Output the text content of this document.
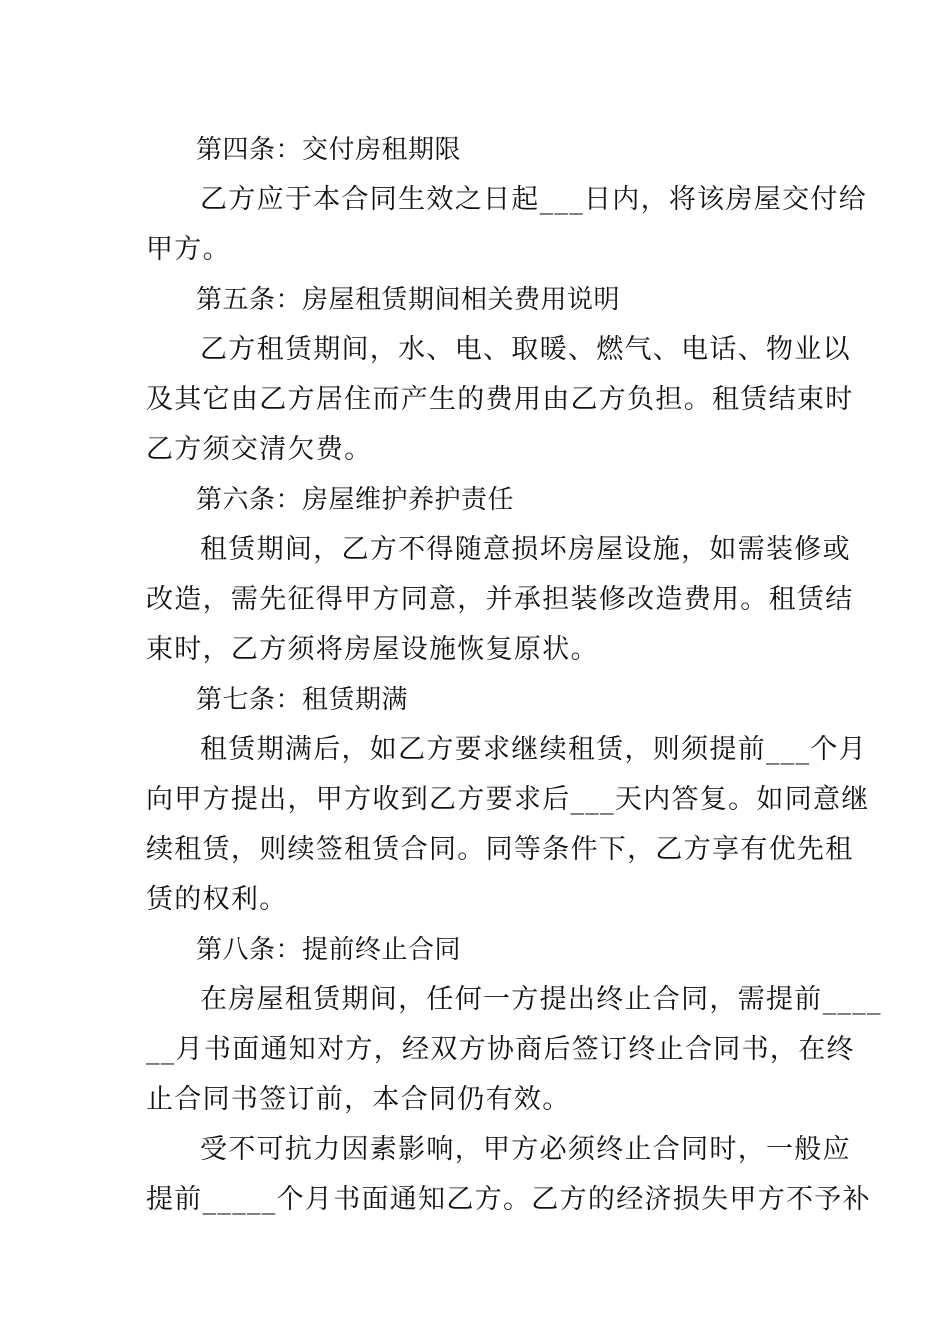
第四条：交付房租期限
乙方应于本合同生效之日起___日内，将该房屋交付给
甲方。
第五条：房屋租赁期间相关费用说明
乙方租赁期间，水、电、取暖、燃气、电话、物业以
及其它由乙方居住而产生的费用由乙方负担。租赁结束时
乙方须交清欠费。
第六条：房屋维护养护责任
租赁期间，乙方不得随意损坏房屋设施，如需装修或
改造，需先征得甲方同意，并承担装修改造费用。租赁结
束时，乙方须将房屋设施恢复原状。
第七条：租赁期满
租赁期满后，如乙方要求继续租赁，则须提前___个月
向甲方提出，甲方收到乙方要求后___天内答复。如同意继
续租赁，则续签租赁合同。同等条件下，乙方享有优先租
赁的权利。
第八条：提前终止合同
在房屋租赁期间，任何一方提出终止合同，需提前____
__月书面通知对方，经双方协商后签订终止合同书，在终
止合同书签订前，本合同仍有效。
受不可抗力因素影响，甲方必须终止合同时，一般应
提前_____个月书面通知乙方。乙方的经济损失甲方不予补
